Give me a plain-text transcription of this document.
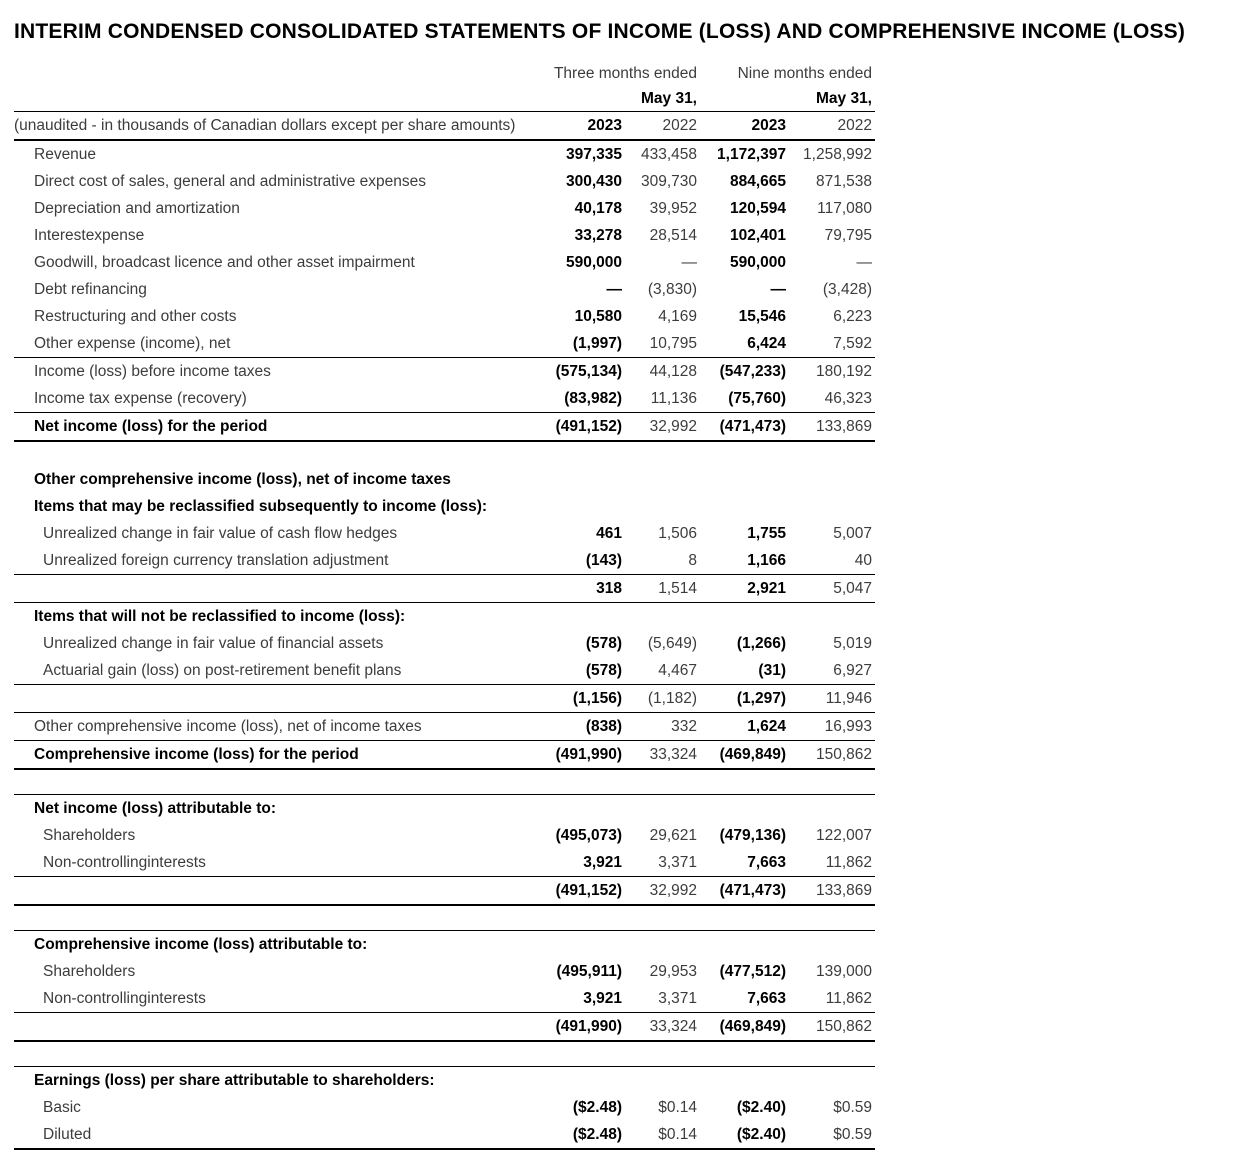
INTERIM CONDENSED CONSOLIDATED STATEMENTS OF INCOME (LOSS) AND COMPREHENSIVE INCOME (LOSS)
Three months ended	Nine months ended
May 31,	May 31,
(unaudited - in thousands of Canadian dollars except per share amounts)	2023	2022	2023	2022
Revenue	397,335	433,458	1,172,397	1,258,992
Direct cost of sales, general and administrative expenses	300,430	309,730	884,665	871,538
Depreciation and amortization	40,178	39,952	120,594	117,080
Interestexpense	33,278	28,514	102,401	79,795
Goodwill, broadcast licence and other asset impairment	590,000	—	590,000	—
Debt refinancing	—	(3,830)	—	(3,428)
Restructuring and other costs	10,580	4,169	15,546	6,223
Other expense (income), net	(1,997)	10,795	6,424	7,592
Income (loss) before income taxes	(575,134)	44,128	(547,233)	180,192
Income tax expense (recovery)	(83,982)	11,136	(75,760)	46,323
Net income (loss) for the period	(491,152)	32,992	(471,473)	133,869
Other comprehensive income (loss), net of income taxes
Items that may be reclassified subsequently to income (loss):
Unrealized change in fair value of cash flow hedges	461	1,506	1,755	5,007
Unrealized foreign currency translation adjustment	(143)	8	1,166	40
318	1,514	2,921	5,047
Items that will not be reclassified to income (loss):
Unrealized change in fair value of financial assets	(578)	(5,649)	(1,266)	5,019
Actuarial gain (loss) on post-retirement benefit plans	(578)	4,467	(31)	6,927
(1,156)	(1,182)	(1,297)	11,946
Other comprehensive income (loss), net of income taxes	(838)	332	1,624	16,993
Comprehensive income (loss) for the period	(491,990)	33,324	(469,849)	150,862
Net income (loss) attributable to:
Shareholders	(495,073)	29,621	(479,136)	122,007
Non-controllinginterests	3,921	3,371	7,663	11,862
(491,152)	32,992	(471,473)	133,869
Comprehensive income (loss) attributable to:
Shareholders	(495,911)	29,953	(477,512)	139,000
Non-controllinginterests	3,921	3,371	7,663	11,862
(491,990)	33,324	(469,849)	150,862
Earnings (loss) per share attributable to shareholders:
Basic	($2.48)	$0.14	($2.40)	$0.59
Diluted	($2.48)	$0.14	($2.40)	$0.59
